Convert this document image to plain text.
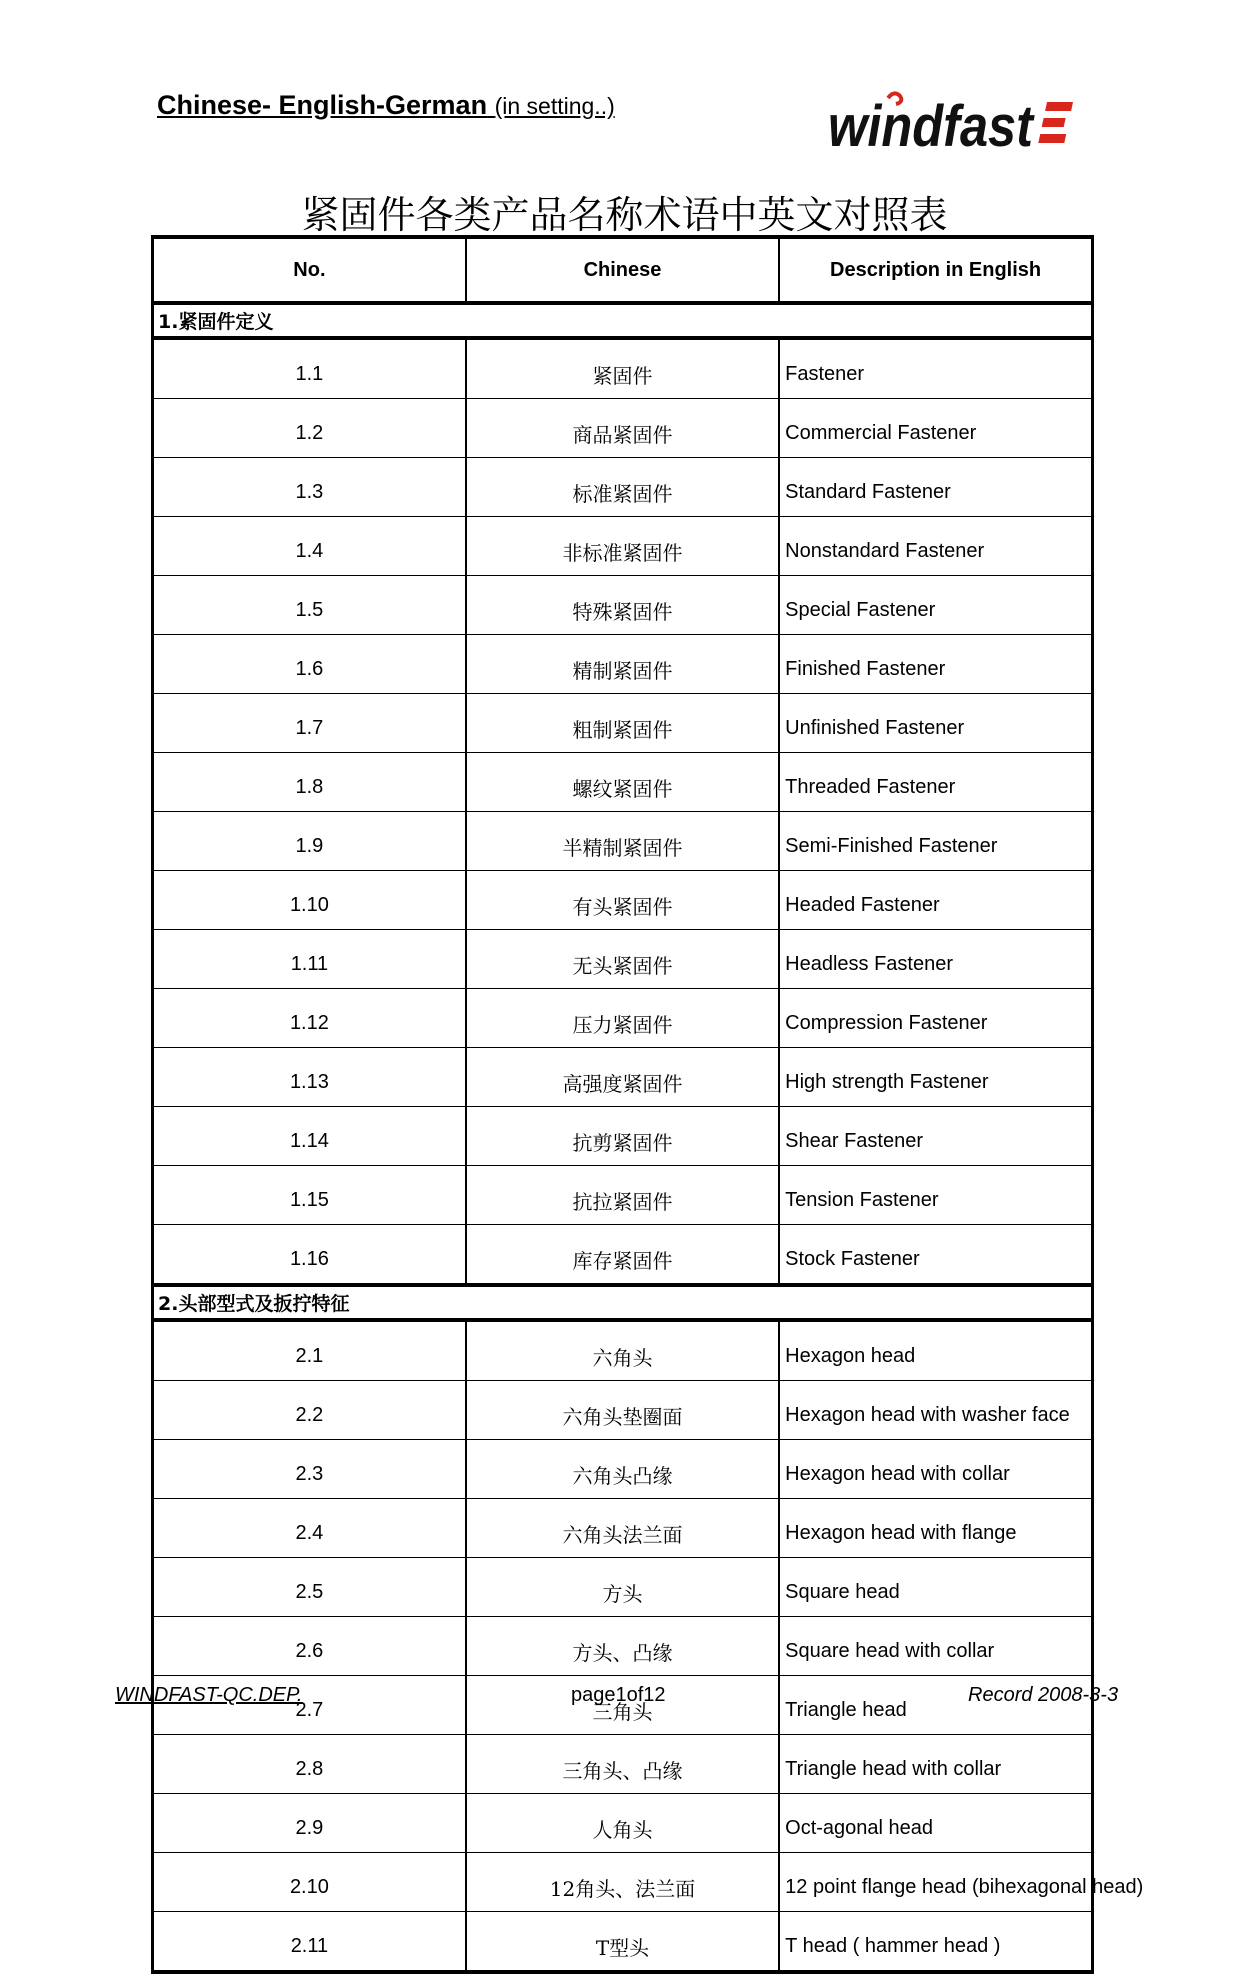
Chinese- English-German (in setting..)	windfast
紧固件各类产品名称术语中英文对照表
No.	Chinese	Description in English
1.紧固件定义		
1.1	紧固件	Fastener
1.2	商品紧固件	Commercial Fastener
1.3	标准紧固件	Standard Fastener
1.4	非标准紧固件	Nonstandard Fastener
1.5	特殊紧固件	Special Fastener
1.6	精制紧固件	Finished Fastener
1.7	粗制紧固件	Unfinished Fastener
1.8	螺纹紧固件	Threaded Fastener
1.9	半精制紧固件	Semi-Finished Fastener
1.10	有头紧固件	Headed Fastener
1.11	无头紧固件	Headless Fastener
1.12	压力紧固件	Compression Fastener
1.13	高强度紧固件	High strength Fastener
1.14	抗剪紧固件	Shear Fastener
1.15	抗拉紧固件	Tension Fastener
1.16	库存紧固件	Stock Fastener
2.头部型式及扳拧特征		
2.1	六角头	Hexagon head
2.2	六角头垫圈面	Hexagon head with washer face
2.3	六角头凸缘	Hexagon head with collar
2.4	六角头法兰面	Hexagon head with flange
2.5	方头	Square head
2.6	方头、凸缘	Square head with collar
2.7	三角头	Triangle head
2.8	三角头、凸缘	Triangle head with collar
2.9	人角头	Oct-agonal head
2.10	12角头、法兰面	12 point flange head (bihexagonal head)
2.11	T型头	T head ( hammer head )
WINDFAST-QC.DEP.	page1of12	Record 2008-3-3
